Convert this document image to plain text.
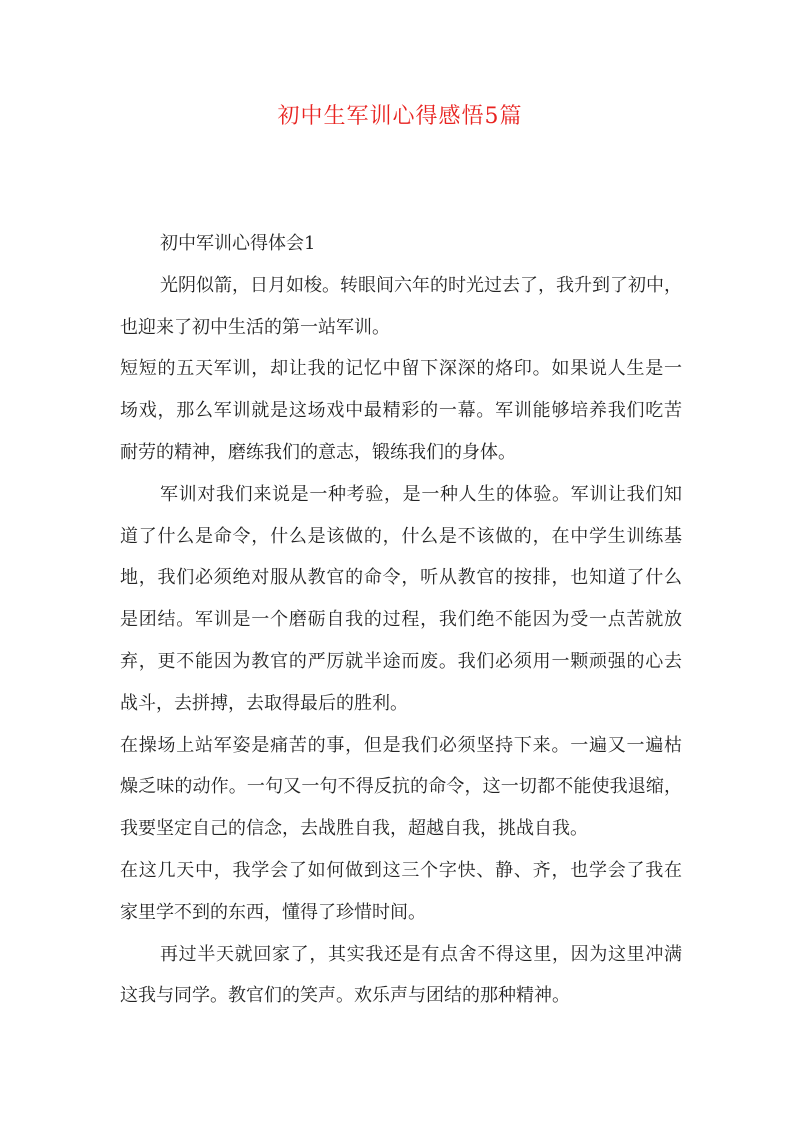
初中生军训心得感悟5篇
初中军训心得体会1
光阴似箭，日月如梭。转眼间六年的时光过去了，我升到了初中，
也迎来了初中生活的第一站军训。
短短的五天军训，却让我的记忆中留下深深的烙印。如果说人生是一
场戏，那么军训就是这场戏中最精彩的一幕。军训能够培养我们吃苦
耐劳的精神，磨练我们的意志，锻练我们的身体。
军训对我们来说是一种考验，是一种人生的体验。军训让我们知
道了什么是命令，什么是该做的，什么是不该做的，在中学生训练基
地，我们必须绝对服从教官的命令，听从教官的按排，也知道了什么
是团结。军训是一个磨砺自我的过程，我们绝不能因为受一点苦就放
弃，更不能因为教官的严厉就半途而废。我们必须用一颗顽强的心去
战斗，去拼搏，去取得最后的胜利。
在操场上站军姿是痛苦的事，但是我们必须坚持下来。一遍又一遍枯
燥乏味的动作。一句又一句不得反抗的命令，这一切都不能使我退缩，
我要坚定自己的信念，去战胜自我，超越自我，挑战自我。
在这几天中，我学会了如何做到这三个字快、静、齐，也学会了我在
家里学不到的东西，懂得了珍惜时间。
再过半天就回家了，其实我还是有点舍不得这里，因为这里冲满
这我与同学。教官们的笑声。欢乐声与团结的那种精神。
